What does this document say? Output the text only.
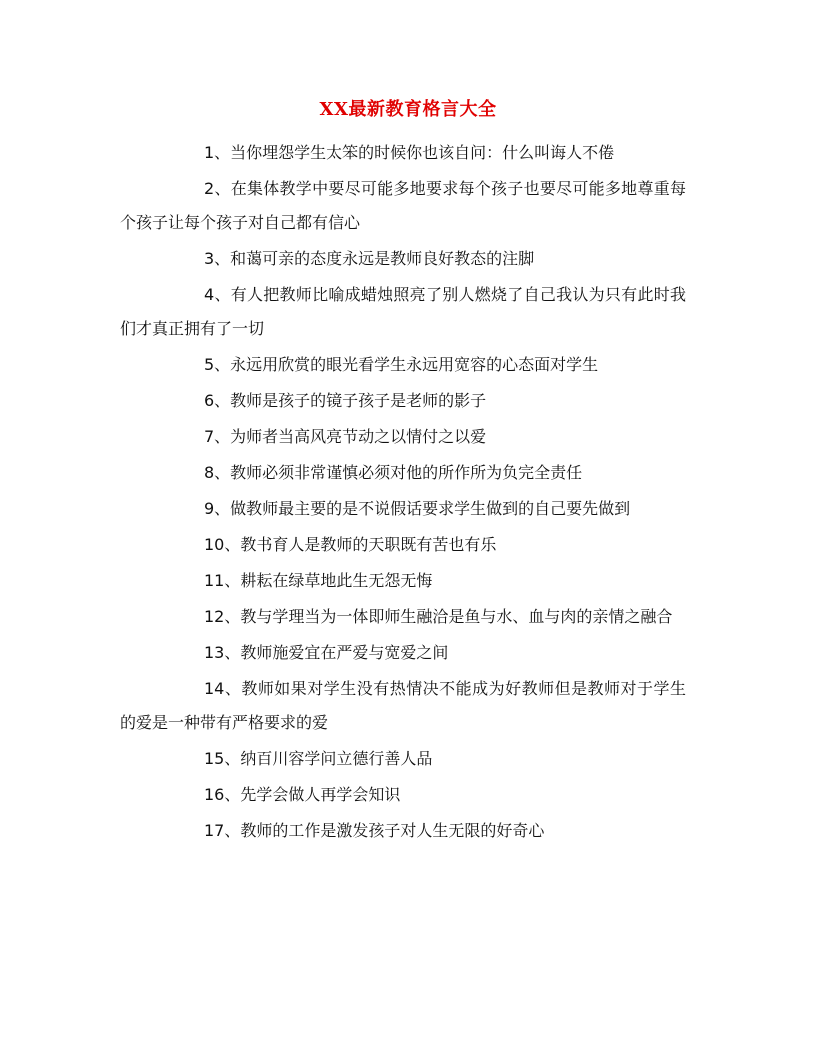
XX最新教育格言大全

1、当你埋怨学生太笨的时候你也该自问：什么叫诲人不倦

2、在集体教学中要尽可能多地要求每个孩子也要尽可能多地尊重每个孩子让每个孩子对自己都有信心

3、和蔼可亲的态度永远是教师良好教态的注脚

4、有人把教师比喻成蜡烛照亮了别人燃烧了自己我认为只有此时我们才真正拥有了一切

5、永远用欣赏的眼光看学生永远用宽容的心态面对学生

6、教师是孩子的镜子孩子是老师的影子

7、为师者当高风亮节动之以情付之以爱

8、教师必须非常谨慎必须对他的所作所为负完全责任

9、做教师最主要的是不说假话要求学生做到的自己要先做到

10、教书育人是教师的天职既有苦也有乐

11、耕耘在绿草地此生无怨无悔

12、教与学理当为一体即师生融洽是鱼与水、血与肉的亲情之融合

13、教师施爱宜在严爱与宽爱之间

14、教师如果对学生没有热情决不能成为好教师但是教师对于学生的爱是一种带有严格要求的爱

15、纳百川容学问立德行善人品

16、先学会做人再学会知识

17、教师的工作是激发孩子对人生无限的好奇心
